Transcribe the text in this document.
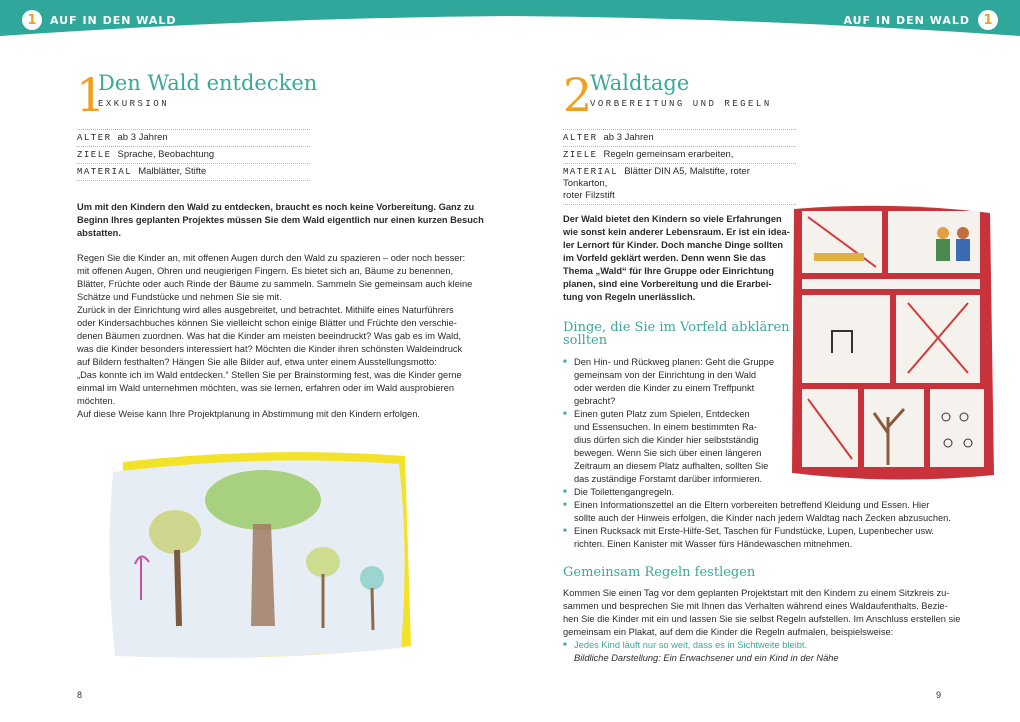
1	AUF IN DEN WALD	AUF IN DEN WALD	1
1
Den Wald entdecken
EXKURSION
ALTER ab 3 Jahren
ZIELE Sprache, Beobachtung
MATERIAL Malblätter, Stifte

Um mit den Kindern den Wald zu entdecken, braucht es noch keine Vorbereitung. Ganz zu
Beginn Ihres geplanten Projektes müssen Sie dem Wald eigentlich nur einen kurzen Besuch
abstatten.

Regen Sie die Kinder an, mit offenen Augen durch den Wald zu spazieren – oder noch besser:
mit offenen Augen, Ohren und neugierigen Fingern. Es bietet sich an, Bäume zu benennen,
Blätter, Früchte oder auch Rinde der Bäume zu sammeln. Sammeln Sie gemeinsam auch kleine
Schätze und Fundstücke und nehmen Sie sie mit.
Zurück in der Einrichtung wird alles ausgebreitet, und betrachtet. Mithilfe eines Naturführers
oder Kindersachbuches können Sie vielleicht schon einige Blätter und Früchte den verschie-
denen Bäumen zuordnen. Was hat die Kinder am meisten beeindruckt? Was gab es im Wald,
was die Kinder besonders interessiert hat? Möchten die Kinder ihren schönsten Waldeindruck
auf Bildern festhalten? Hängen Sie alle Bilder auf, etwa unter einem Ausstellungsmotto:
„Das konnte ich im Wald entdecken.“ Stellen Sie per Brainstorming fest, was die Kinder gerne
einmal im Wald unternehmen möchten, was sie lernen, erfahren oder im Wald ausprobieren
möchten.
Auf diese Weise kann Ihre Projektplanung in Abstimmung mit den Kindern erfolgen.

8
2
Waldtage
VORBEREITUNG UND REGELN
ALTER ab 3 Jahren
ZIELE Regeln gemeinsam erarbeiten,
MATERIAL Blätter DIN A5, Malstifte, roter Tonkarton,
roter Filzstift

Der Wald bietet den Kindern so viele Erfahrungen
wie sonst kein anderer Lebensraum. Er ist ein idea-
ler Lernort für Kinder. Doch manche Dinge sollten
im Vorfeld geklärt werden. Denn wenn Sie das
Thema „Wald“ für Ihre Gruppe oder Einrichtung
planen, sind eine Vorbereitung und die Erarbei-
tung von Regeln unerlässlich.

Dinge, die Sie im Vorfeld abklären
sollten
■ Den Hin- und Rückweg planen: Geht die Gruppe
gemeinsam von der Einrichtung in den Wald
oder werden die Kinder zu einem Treffpunkt
gebracht?
■ Einen guten Platz zum Spielen, Entdecken
und Essensuchen. In einem bestimmten Ra-
dius dürfen sich die Kinder hier selbstständig
bewegen. Wenn Sie sich über einen längeren
Zeitraum an diesem Platz aufhalten, sollten Sie
das zuständige Forstamt darüber informieren.
■ Die Toilettengangregeln.
■ Einen Informationszettel an die Eltern vorbereiten betreffend Kleidung und Essen. Hier
sollte auch der Hinweis erfolgen, die Kinder nach jedem Waldtag nach Zecken abzusuchen.
■ Einen Rucksack mit Erste-Hilfe-Set, Taschen für Fundstücke, Lupen, Lupenbecher usw.
richten. Einen Kanister mit Wasser fürs Händewaschen mitnehmen.
Gemeinsam Regeln festlegen

Kommen Sie einen Tag vor dem geplanten Projektstart mit den Kindern zu einem Sitzkreis zu-
sammen und besprechen Sie mit Ihnen das Verhalten während eines Waldaufenthalts. Bezie-
hen Sie die Kinder mit ein und lassen Sie sie selbst Regeln aufstellen. Im Anschluss erstellen sie
gemeinsam ein Plakat, auf dem die Kinder die Regeln aufmalen, beispielsweise:

■ Jedes Kind läuft nur so weit, dass es in Sichtweite bleibt.
Bildliche Darstellung: Ein Erwachsener und ein Kind in der Nähe
9
